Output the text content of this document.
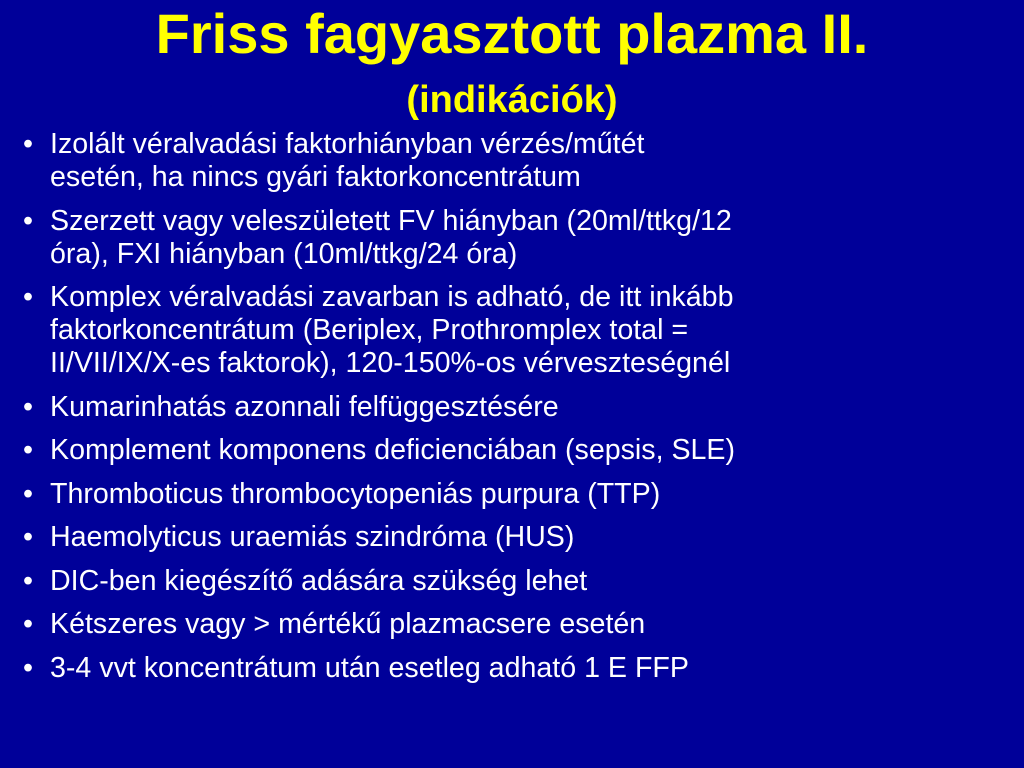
Friss fagyasztott plazma II.
(indikációk)
• Izolált véralvadási faktorhiányban vérzés/műtét
esetén, ha nincs gyári faktorkoncentrátum
• Szerzett vagy veleszületett FV hiányban (20ml/ttkg/12
óra), FXI hiányban (10ml/ttkg/24 óra)
• Komplex véralvadási zavarban is adható, de itt inkább
faktorkoncentrátum (Beriplex, Prothromplex total =
II/VII/IX/X-es faktorok), 120-150%-os vérveszteségnél
• Kumarinhatás azonnali felfüggesztésére
• Komplement komponens deficienciában (sepsis, SLE)
• Thromboticus thrombocytopeniás purpura (TTP)
• Haemolyticus uraemiás szindróma (HUS)
• DIC-ben kiegészítő adására szükség lehet
• Kétszeres vagy > mértékű plazmacsere esetén
• 3-4 vvt koncentrátum után esetleg adható 1 E FFP
